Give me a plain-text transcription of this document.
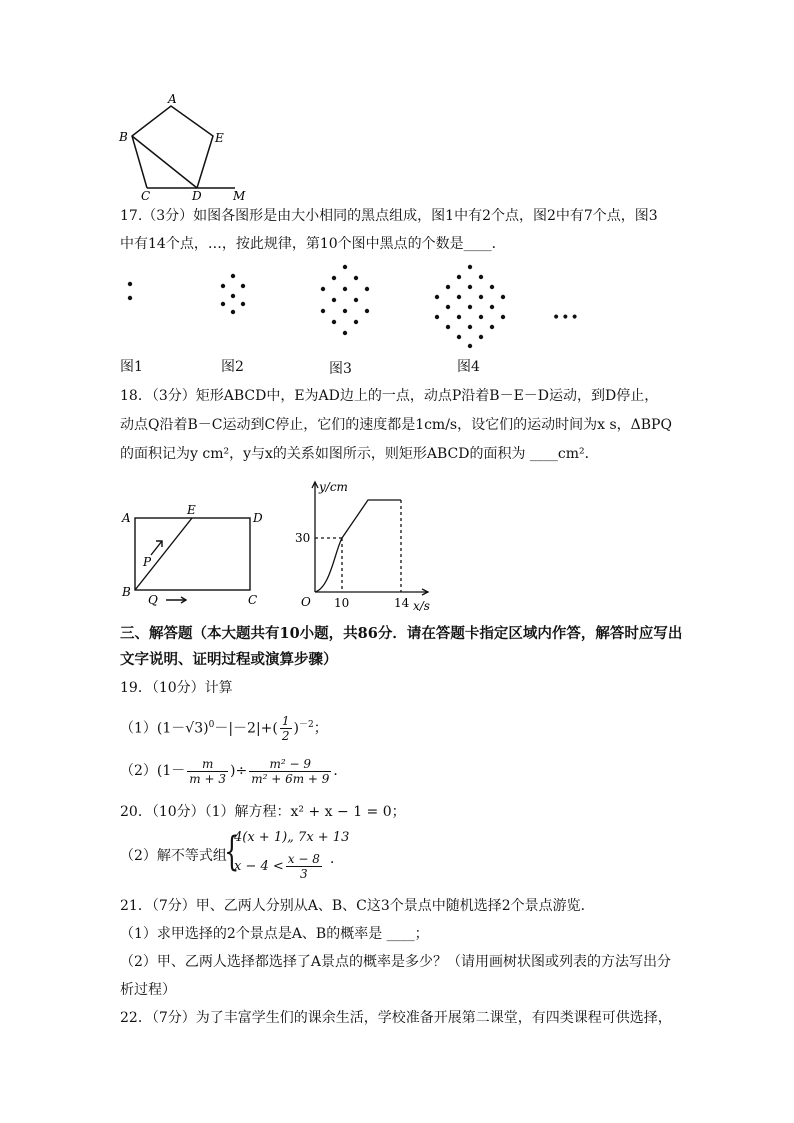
A
B	E
C	D	M
17.（3分）如图各图形是由大小相同的黑点组成，图1中有2个点，图2中有7个点，图3
中有14个点，…，按此规律，第10个图中黑点的个数是____．
•••
图1	图2	图3	图4
18．（3分）矩形ABCD中，E为AD边上的一点，动点P沿着B－E－D运动，到D停止，
动点Q沿着B－C运动到C停止，它们的速度都是1cm/s，设它们的运动时间为x s，ΔBPQ
的面积记为y cm²，y与x的关系如图所示，则矩形ABCD的面积为 ____cm²．
A
E
D
P
B
Q	C
y/cm
30
O 10	14 x/s
三、解答题（本大题共有10小题，共86分．请在答题卡指定区域内作答，解答时应写出
文字说明、证明过程或演算步骤）
19．（10分）计算
$(1)(1-√3)^0-|-2|+( \frac{1}{2} )^{-2}$；
$(2)(1- \frac{m}{m + 3}$ )÷ $\frac{\text{m² − 9}}{\text{m² + 6m + 9}}$ ．
20．（10分）（1）解方程：x² + x − 1 = 0；
（2）解不等式组
{
4(x + 1)„ 7x + 13
$x - 4 < \frac{x - 8}{3}$ ．
21．（7分）甲、乙两人分别从A、B、C这3个景点中随机选择2个景点游览．
（1）求甲选择的2个景点是A、B的概率是 ____；
（2）甲、乙两人选择都选择了A景点的概率是多少？（请用画树状图或列表的方法写出分
析过程）
22．（7分）为了丰富学生们的课余生活，学校准备开展第二课堂，有四类课程可供选择，
